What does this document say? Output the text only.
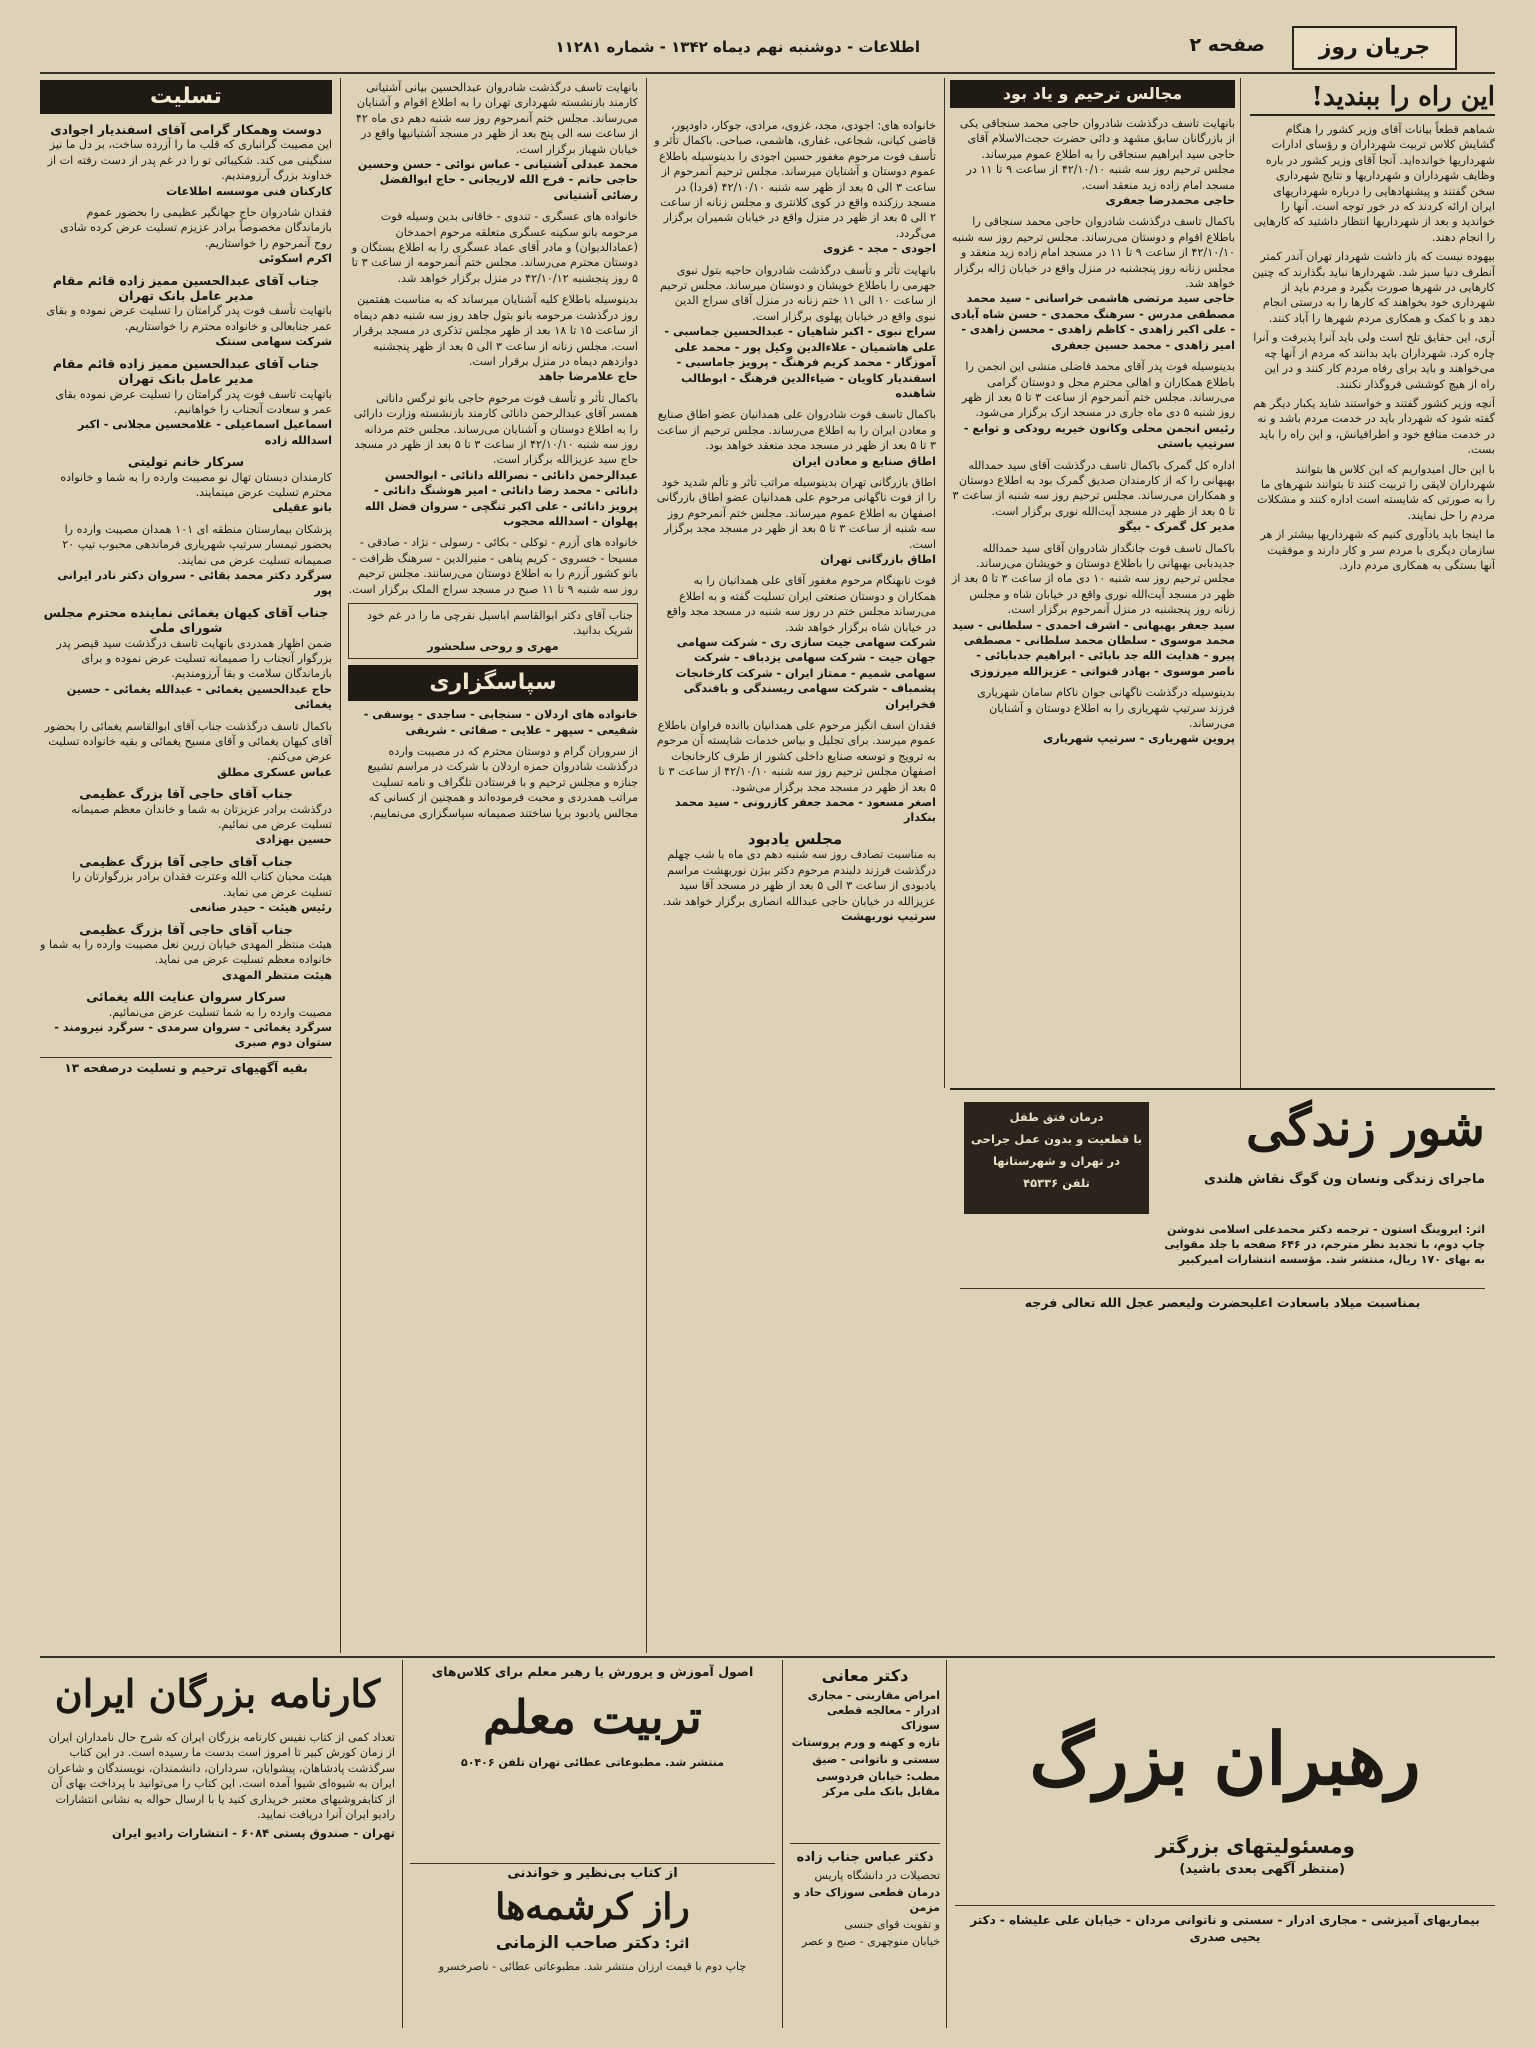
جریان روز
صفحه ۲
اطلاعات - دوشنبه نهم دیماه ۱۳۴۲ - شماره ۱۱۲۸۱
این راه را ببندید!

شماهم قطعاً بیانات آقای وزیر کشور را هنگام گشایش کلاس تربیت شهرداران و رؤسای ادارات شهرداریها خوانده‌اید. آنجا آقای وزیر کشور در باره وظایف شهرداران و شهرداریها و نتایج شهرداری سخن گفتند و پیشنهادهایی را درباره شهرداریهای ایران ارائه کردند که در خور توجه است. آنها را خواندید و بعد از شهرداریها انتظار داشتید که کارهایی را انجام دهند.

بیهوده نیست که باز داشت شهردار تهران آندر کمتر آنطرف دنیا سبز شد. شهردارها نباید بگذارند که چنین کارهایی در شهرها صورت بگیرد و مردم باید از شهرداری خود بخواهند که کارها را به درستی انجام دهد و با کمک و همکاری مردم شهرها را آباد کنند.

آری، این حقایق تلخ است ولی باید آنرا پذیرفت و آنرا چاره کرد. شهرداران باید بدانند که مردم از آنها چه می‌خواهند و باید برای رفاه مردم کار کنند و در این راه از هیچ کوششی فروگذار نکنند.

آنچه وزیر کشور گفتند و خواستند شاید یکبار دیگر هم گفته شود که شهردار باید در خدمت مردم باشد و نه در خدمت منافع خود و اطرافیانش، و این راه را باید بست.

با این حال امیدواریم که این کلاس ها بتوانند شهرداران لایقی را تربیت کنند تا بتوانند شهرهای ما را به صورتی که شایسته است اداره کنند و مشکلات مردم را حل نمایند.

ما اینجا باید یادآوری کنیم که شهرداریها بیشتر از هر سازمان دیگری با مردم سر و کار دارند و موفقیت آنها بستگی به همکاری مردم دارد.

شور زندگی
درمان فتق طفل
با قطعیت و بدون عمل جراحی
در تهران و شهرستانها
تلفن ۴۵۳۳۶	ماجرای زندگی ونسان ون گوگ نقاش هلندی
اثر: ایروینگ استون - ترجمه دکتر محمدعلی اسلامی ندوشن
چاپ دوم، با تجدید نظر مترجم، در ۶۴۶ صفحه با جلد مقوایی
به بهای ۱۷۰ ریال، منتشر شد. مؤسسه انتشارات امیرکبیر
بمناسبت میلاد باسعادت اعلیحضرت ولیعصر عجل الله تعالی فرجه
مجالس ترحیم و یاد بود
بانهایت تاسف درگذشت شادروان حاجی محمد سنجاقی یکی از بازرگانان سابق مشهد و دائی حضرت حجت‌الاسلام آقای حاجی سید ابراهیم سنجاقی را به اطلاع عموم میرساند. مجلس ترحیم روز سه شنبه ۴۲/۱۰/۱۰ از ساعت ۹ تا ۱۱ در مسجد امام زاده زید منعقد است.
حاجی محمدرضا جعفری
باکمال تاسف درگذشت شادروان حاجی محمد سنجاقی را باطلاع اقوام و دوستان می‌رساند. مجلس ترحیم روز سه شنبه ۴۲/۱۰/۱۰ از ساعت ۹ تا ۱۱ در مسجد امام زاده زید منعقد و مجلس زنانه روز پنجشنبه در منزل واقع در خیابان ژاله برگزار خواهد شد.
حاجی سید مرتضی هاشمی خراسانی - سید محمد مصطفی مدرس - سرهنگ محمدی - حسن شاه آبادی - علی اکبر زاهدی - کاظم زاهدی - محسن زاهدی - امیر زاهدی - محمد حسین جعفری
بدینوسیله فوت پدر آقای محمد فاضلی منشی این انجمن را باطلاع همکاران و اهالی محترم محل و دوستان گرامی می‌رساند. مجلس ختم آنمرحوم از ساعت ۳ تا ۵ بعد از ظهر روز شنبه ۵ دی ماه جاری در مسجد ارک برگزار می‌شود.
رئیس انجمن محلی وکانون خیریه رودکی و توابع - سرتیپ باستی
اداره کل گمرک باکمال تاسف درگذشت آقای سید حمدالله بهبهانی را که از کارمندان صدیق گمرک بود به اطلاع دوستان و همکاران می‌رساند. مجلس ترحیم روز سه شنبه از ساعت ۳ تا ۵ بعد از ظهر در مسجد آیت‌الله نوری برگزار است.
مدیر کل گمرک - بیگو
باکمال تاسف فوت جانگداز شادروان آقای سید حمدالله جدیدبابی بهبهانی را باطلاع دوستان و خویشان می‌رساند. مجلس ترحیم روز سه شنبه ۱۰ دی ماه از ساعت ۳ تا ۵ بعد از ظهر در مسجد آیت‌الله نوری واقع در خیابان شاه و مجلس زنانه روز پنجشنبه در منزل آنمرحوم برگزار است.
سید جعفر بهبهانی - اشرف احمدی - سلطانی - سید محمد موسوی - سلطان محمد سلطانی - مصطفی پیرو - هدایت الله جد بابائی - ابراهیم جدبابائی - ناصر موسوی - بهادر قنواتی - عزیزالله میرزوزی
بدینوسیله درگذشت ناگهانی جوان ناکام سامان شهریاری فرزند سرتیپ شهریاری را به اطلاع دوستان و آشنایان می‌رساند.
پروین شهریاری - سرتیپ شهریاری
خانواده های: اجودی، مجد، غزوی، مرادی، جوکار، داودپور، قاضی کیانی، شجاعی، غفاری، هاشمی، صباحی. باکمال تأثر و تأسف فوت مرحوم مغفور حسین اجودی را بدینوسیله باطلاع عموم دوستان و آشنایان میرساند. مجلس ترحیم آنمرحوم از ساعت ۳ الی ۵ بعد از ظهر سه شنبه ۴۲/۱۰/۱۰ (فردا) در مسجد رزکنده واقع در کوی کلانتری و مجلس زنانه از ساعت ۲ الی ۵ بعد از ظهر در منزل واقع در خیابان شمیران برگزار می‌گردد.
اجودی - مجد - غزوی
بانهایت تأثر و تأسف درگذشت شادروان حاجیه بتول نبوی جهرمی را باطلاع خویشان و دوستان میرساند. مجلس ترحیم از ساعت ۱۰ الی ۱۱ ختم زنانه در منزل آقای سراج الدین نبوی واقع در خیابان پهلوی برگزار است.
سراج نبوی - اکبر شاهیان - عبدالحسین جماسبی - علی هاشمیان - علاءالدین وکیل پور - محمد علی آموزگار - محمد کریم فرهنگ - پرویز جاماسبی - اسفندیار کاویان - ضیاءالدین فرهنگ - ابوطالب شاهنده
باکمال تاسف فوت شادروان علی همدانیان عضو اطاق صنایع و معادن ایران را به اطلاع می‌رساند. مجلس ترحیم از ساعت ۳ تا ۵ بعد از ظهر در مسجد مجد منعقد خواهد بود.
اطاق صنایع و معادن ایران
اطاق بازرگانی تهران بدینوسیله مراتب تأثر و تألم شدید خود را از فوت ناگهانی مرحوم علی همدانیان عضو اطاق بازرگانی اصفهان به اطلاع عموم میرساند. مجلس ختم آنمرحوم روز سه شنبه از ساعت ۳ تا ۵ بعد از ظهر در مسجد مجد برگزار است.
اطاق بازرگانی تهران
فوت نابهنگام مرحوم مغفور آقای علی همدانیان را به همکاران و دوستان صنعتی ایران تسلیت گفته و به اطلاع می‌رساند مجلس ختم در روز سه شنبه در مسجد مجد واقع در خیابان شاه برگزار خواهد شد.
شرکت سهامی جیت سازی ری - شرکت سهامی جهان جیت - شرکت سهامی یزدباف - شرکت سهامی شمیم - ممتاز ایران - شرکت کارخانجات پشمباف - شرکت سهامی ریسندگی و بافندگی فخرایران
فقدان اسف انگیز مرحوم علی همدانیان باانده فراوان باطلاع عموم میرسد. برای تجلیل و بیاس خدمات شایسته آن مرحوم به ترویج و توسعه صنایع داخلی کشور از طرف کارخانجات اصفهان مجلس ترحیم روز سه شنبه ۴۲/۱۰/۱۰ از ساعت ۳ تا ۵ بعد از ظهر در مسجد مجد برگزار می‌شود.
اصغر مسعود - محمد جعفر کازرونی - سید محمد بنکدار
مجلس یادبود
به مناسبت تصادف روز سه شنبه دهم دی ماه با شب چهلم درگذشت فرزند دلبندم مرحوم دکتر بیژن نوربهشت مراسم یادبودی از ساعت ۳ الی ۵ بعد از ظهر در مسجد آقا سید عزیزالله در خیابان حاجی عبدالله انصاری برگزار خواهد شد.
سرتیپ نوربهشت
بانهایت تاسف درگذشت شادروان عبدالحسین بیانی آشتیانی کارمند بازنشسته شهرداری تهران را به اطلاع اقوام و آشنایان می‌رساند. مجلس ختم آنمرحوم روز سه شنبه دهم دی ماه ۴۲ از ساعت سه الی پنج بعد از ظهر در مسجد آشتیانیها واقع در خیابان شهباز برگزار است.
محمد عبدلی آشتیانی - عباس نوائی - حسن وحسین حاجی حاتم - فرج الله لاریجانی - حاج ابوالفضل رضائی آشتیانی
خانواده های عسگری - تندوی - خاقانی بدین وسیله فوت مرحومه بانو سکینه عسگری متعلقه مرحوم احمدخان (عمادالدیوان) و مادر آقای عماد عسگری را به اطلاع بستگان و دوستان محترم می‌رساند. مجلس ختم آنمرحومه از ساعت ۳ تا ۵ روز پنجشنبه ۴۲/۱۰/۱۲ در منزل برگزار خواهد شد.
بدینوسیله باطلاع کلیه آشنایان میرساند که به مناسبت هفتمین روز درگذشت مرحومه بانو بتول جاهد روز سه شنبه دهم دیماه از ساعت ۱۵ تا ۱۸ بعد از ظهر مجلس تذکری در مسجد برقرار است. مجلس زنانه از ساعت ۳ الی ۵ بعد از ظهر پنجشنبه دوازدهم دیماه در منزل برقرار است.
حاج علامرضا جاهد
باکمال تأثر و تأسف فوت مرحوم حاجی بانو ترگس داناتی همسر آقای عبدالرحمن دانائی کارمند بازنشسته وزارت دارائی را به اطلاع دوستان و آشنایان می‌رساند. مجلس ختم مردانه روز سه شنبه ۴۲/۱۰/۱۰ از ساعت ۳ تا ۵ بعد از ظهر در مسجد حاج سید عزیزالله برگزار است.
عبدالرحمن دانائی - نصرالله دانائی - ابوالحسن دانائی - محمد رضا دانائی - امیر هوشنگ دانائی - پرویز دانائی - علی اکبر تنگچی - سروان فضل الله پهلوان - اسدالله محجوب
خانواده های آزرم - توکلی - بکائی - رسولی - نژاد - صادقی - مسیحا - خسروی - کریم پناهی - منیرالدین - سرهنگ ظرافت - بانو کشور آزرم را به اطلاع دوستان می‌رسانند. مجلس ترحیم روز سه شنبه ۹ تا ۱۱ صبح در مسجد سراج الملک برگزار است.
جناب آقای دکتر ابوالقاسم اباسیل نفرچی ما را در غم خود شریک بدانید.
مهری و روحی سلحشور
سپاسگزاری
خانواده های اردلان - سنجابی - ساجدی - یوسفی - شفیعی - سپهر - علایی - صفائی - شریفی
از سروران گرام و دوستان محترم که در مصیبت وارده درگذشت شادروان حمزه اردلان با شرکت در مراسم تشییع جنازه و مجلس ترحیم و با فرستادن تلگراف و نامه تسلیت مراتب همدردی و محبت فرموده‌اند و همچنین از کسانی که مجالس یادبود برپا ساختند صمیمانه سپاسگزاری می‌نماییم.
تسلیت
دوست وهمکار گرامی آقای اسفندیار اجوادی
این مصیبت گرانباری که قلب ما را آزرده ساخت، بر دل ما نیز سنگینی می کند. شکیبائی تو را در غم پدر از دست رفته ات از خداوند بزرگ آرزومندیم.
کارکنان فنی موسسه اطلاعات
فقدان شادروان حاج جهانگیر عظیمی را بحضور عموم بازماندگان مخصوصاً برادر عزیزم تسلیت عرض کرده شادی روح آنمرحوم را خواستاریم.
اکرم اسکوئی
جناب آقای عبدالحسین ممیز زاده قائم مقام مدیر عامل بانک تهران
باتهایت تأسف فوت پدر گرامتان را تسلیت عرض نموده و بقای عمر جنابعالی و خانواده محترم را خواستاریم.
شرکت سهامی سنتک
جناب آقای عبدالحسین ممیز زاده قائم مقام مدیر عامل بانک تهران
باتهایت تاسف فوت پدر گرامتان را تسلیت عرض نموده بقای عمر و سعادت آنجناب را خواهانیم.
اسماعیل اسماعیلی - غلامحسین مجلانی - اکبر اسدالله زاده
سرکار خانم تولیتی
کارمندان دبستان تهال نو مصیبت وارده را به شما و خانواده محترم تسلیت عرض مینمایند.
بانو عقیلی
پزشکان بیمارستان منطقه ای ۱۰۱ همدان مصیبت وارده را بحضور تیمسار سرتیپ شهریاری فرماندهی محبوب تیپ ۲۰ صمیمانه تسلیت عرض می نمایند.
سرگرد دکتر محمد بقائی - سروان دکتر نادر ایرانی پور
جناب آقای کیهان یغمائی نماینده محترم مجلس شورای ملی
ضمن اظهار همدردی بانهایت تاسف درگذشت سید قیصر پدر بزرگوار آنجناب را صمیمانه تسلیت عرض نموده و برای بازماندگان سلامت و بقا آرزومندیم.
حاج عبدالحسین یغمائی - عبدالله یغمائی - حسین یغمائی
باکمال تاسف درگذشت جناب آقای ابوالقاسم یغمائی را بحضور آقای کیهان یغمائی و آقای مسیح یغمائی و بقیه خانواده تسلیت عرض می‌کنم.
عباس عسکری مطلق
جناب آقای حاجی آقا بزرگ عظیمی
درگذشت برادر عزیزتان به شما و خاندان معظم صمیمانه تسلیت عرض می نمائیم.
حسین بهزادی
جناب آقای حاجی آقا بزرگ عظیمی
هیئت محبان کتاب الله وعترت فقدان برادر بزرگوارتان را تسلیت عرض می نماید.
رئیس هیئت - حیدر صانعی
جناب آقای حاجی آقا بزرگ عظیمی
هیئت منتظر المهدی خیابان زرین نعل مصیبت وارده را به شما و خانواده معظم تسلیت عرض می نماید.
هیئت منتظر المهدی
سرکار سروان عنایت الله یغمائی
مصیبت وارده را به شما تسلیت عرض می‌نمائیم.
سرگرد یغمائی - سروان سرمدی - سرگرد نیرومند - ستوان دوم صبری
بقیه آگهیهای ترحیم و تسلیت درصفحه ۱۳
کارنامه بزرگان ایران
تعداد کمی از کتاب نفیس کارنامه بزرگان ایران که شرح حال نامداران ایران از زمان کورش کبیر تا امروز است بدست ما رسیده است. در این کتاب سرگذشت پادشاهان، پیشوایان، سرداران، دانشمندان، نویسندگان و شاعران ایران به شیوه‌ای شیوا آمده است. این کتاب را می‌توانید با پرداخت بهای آن از کتابفروشیهای معتبر خریداری کنید یا با ارسال حواله به نشانی انتشارات رادیو ایران آنرا دریافت نمایید.
تهران - صندوق پستی ۶۰۸۴ - انتشارات رادیو ایران
اصول آموزش و پرورش یا رهبر معلم برای کلاس‌های
تربیت معلم
منتشر شد. مطبوعاتی عطائی تهران تلفن ۵۰۴۰۶
از کتاب بی‌نظیر و خواندنی
راز کرشمه‌ها
اثر: دکتر صاحب الزمانی
چاپ دوم با قیمت ارزان منتشر شد. مطبوعاتی عطائی - ناصرخسرو
دکتر معانی
امراض مقاربتی - مجاری ادرار - معالجه قطعی سوزاک
تازه و کهنه و ورم پروستات
سستی و ناتوانی - ضیق
مطب: خیابان فردوسی مقابل بانک ملی مرکز
دکتر عباس جناب زاده
تحصیلات در دانشگاه پاریس
درمان قطعی سوزاک حاد و مزمن
و تقویت قوای جنسی
خیابان منوچهری - صبح و عصر
رهبران بزرگ
ومسئولیتهای بزرگتر
(منتظر آگهی بعدی باشید)
بیماریهای آمیزشی - مجاری ادرار - سستی و ناتوانی مردان - خیابان علی علیشاه - دکتر یحیی صدری
